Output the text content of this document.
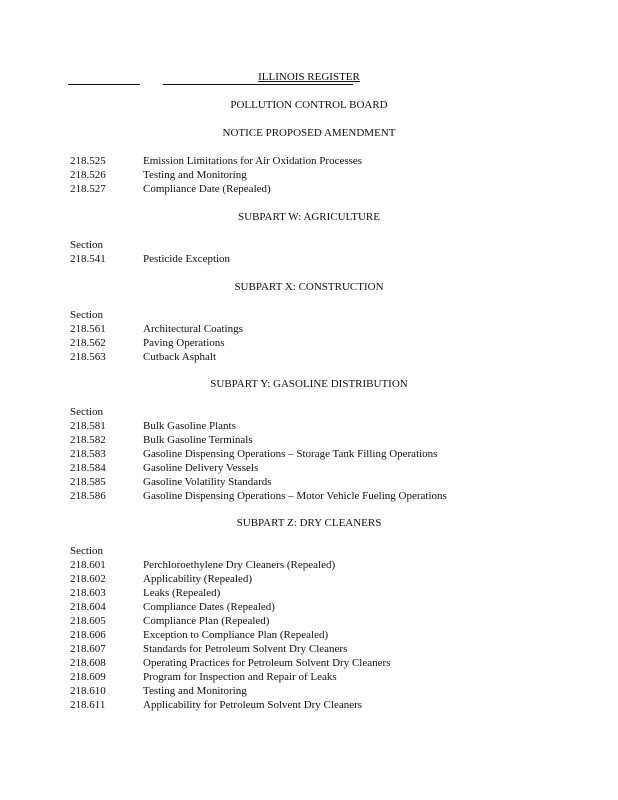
ILLINOIS REGISTER
POLLUTION CONTROL BOARD
NOTICE PROPOSED AMENDMENT
218.525	Emission Limitations for Air Oxidation Processes
218.526	Testing and Monitoring
218.527	Compliance Date (Repealed)
SUBPART W: AGRICULTURE
Section
218.541	Pesticide Exception
SUBPART X: CONSTRUCTION
Section
218.561	Architectural Coatings
218.562	Paving Operations
218.563	Cutback Asphalt
SUBPART Y: GASOLINE DISTRIBUTION
Section
218.581	Bulk Gasoline Plants
218.582	Bulk Gasoline Terminals
218.583	Gasoline Dispensing Operations – Storage Tank Filling Operations
218.584	Gasoline Delivery Vessels
218.585	Gasoline Volatility Standards
218.586	Gasoline Dispensing Operations – Motor Vehicle Fueling Operations
SUBPART Z: DRY CLEANERS
Section
218.601	Perchloroethylene Dry Cleaners (Repealed)
218.602	Applicability (Repealed)
218.603	Leaks (Repealed)
218.604	Compliance Dates (Repealed)
218.605	Compliance Plan (Repealed)
218.606	Exception to Compliance Plan (Repealed)
218.607	Standards for Petroleum Solvent Dry Cleaners
218.608	Operating Practices for Petroleum Solvent Dry Cleaners
218.609	Program for Inspection and Repair of Leaks
218.610	Testing and Monitoring
218.611	Applicability for Petroleum Solvent Dry Cleaners
